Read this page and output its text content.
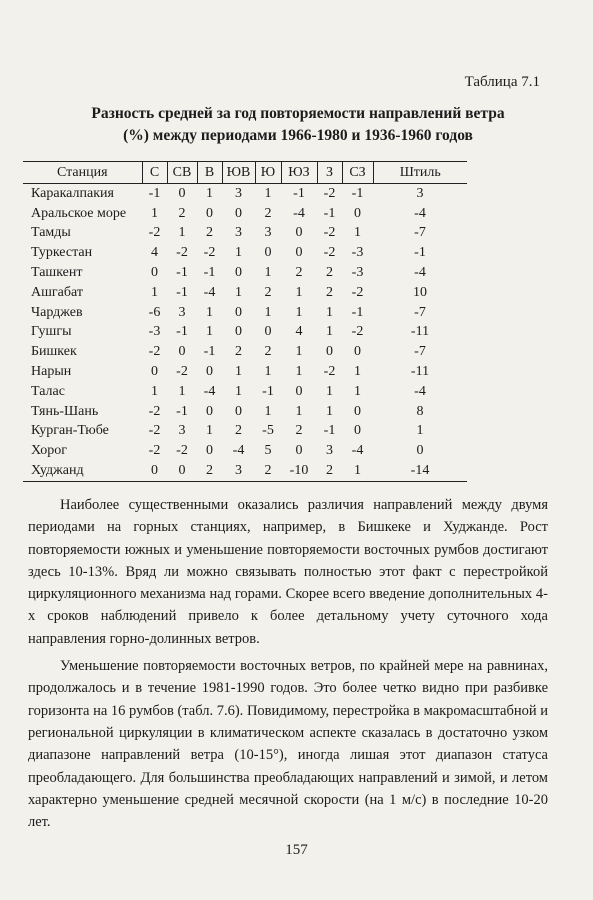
Таблица 7.1
Разность средней за год повторяемости направлений ветра
(%) между периодами 1966-1980 и 1936-1960 годов
Станция	С	СВ	В	ЮВ	Ю	ЮЗ	З	СЗ	Штиль
Каракалпакия	-1	0	1	3	1	-1	-2	-1	3
Аральское море	1	2	0	0	2	-4	-1	0	-4
Тамды	-2	1	2	3	3	0	-2	1	-7
Туркестан	4	-2	-2	1	0	0	-2	-3	-1
Ташкент	0	-1	-1	0	1	2	2	-3	-4
Ашгабат	1	-1	-4	1	2	1	2	-2	10
Чарджев	-6	3	1	0	1	1	1	-1	-7
Гушгы	-3	-1	1	0	0	4	1	-2	-11
Бишкек	-2	0	-1	2	2	1	0	0	-7
Нарын	0	-2	0	1	1	1	-2	1	-11
Талас	1	1	-4	1	-1	0	1	1	-4
Тянь-Шань	-2	-1	0	0	1	1	1	0	8
Курган-Тюбе	-2	3	1	2	-5	2	-1	0	1
Хорог	-2	-2	0	-4	5	0	3	-4	0
Худжанд	0	0	2	3	2	-10	2	1	-14

Наиболее существенными оказались различия направлений между двумя периодами на горных станциях, например, в Бишкеке и Худжанде. Рост повторяемости южных и уменьшение повторяемости восточных румбов достигают здесь 10-13%. Вряд ли можно связывать полностью этот факт с перестройкой циркуляционного механизма над горами. Скорее всего введение дополнительных 4-х сроков наблюдений привело к более детальному учету суточного хода направления горно-долинных ветров.

Уменьшение повторяемости восточных ветров, по крайней мере на равнинах, продолжалось и в течение 1981-1990 годов. Это более четко видно при разбивке горизонта на 16 румбов (табл. 7.6). Повидимому, перестройка в макромасштабной и региональной циркуляции в климатическом аспекте сказалась в достаточно узком диапазоне направлений ветра (10-15°), иногда лишая этот диапазон статуса преобладающего. Для большинства преобладающих направлений и зимой, и летом характерно уменьшение средней месячной скорости (на 1 м/с) в последние 10-20 лет.

157
